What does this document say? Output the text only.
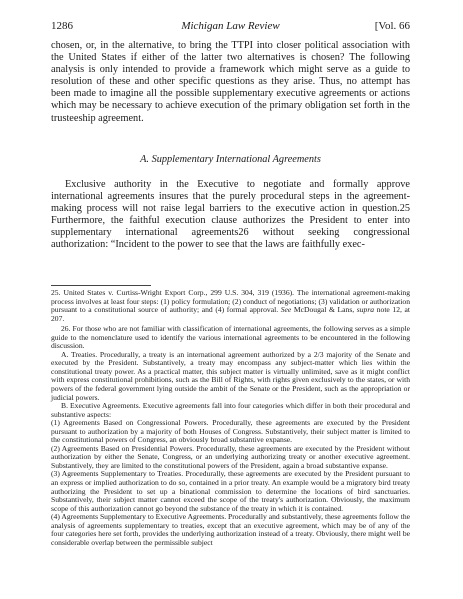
1286	Michigan Law Review	[Vol. 66

chosen, or, in the alternative, to bring the TTPI into closer political association with the United States if either of the latter two alternatives is chosen? The following analysis is only intended to provide a framework which might serve as a guide to resolution of these and other specific questions as they arise. Thus, no attempt has been made to imagine all the possible supplementary executive agreements or actions which may be necessary to achieve execution of the primary obligation set forth in the trusteeship agreement.

A. Supplementary International Agreements

Exclusive authority in the Executive to negotiate and formally approve international agreements insures that the purely procedural steps in the agreement-making process will not raise legal barriers to the executive action in question.25 Furthermore, the faithful execution clause authorizes the President to enter into supplementary international agreements26 without seeking congressional authorization: “Incident to the power to see that the laws are faithfully exec-

25. United States v. Curtiss-Wright Export Corp., 299 U.S. 304, 319 (1936). The international agreement-making process involves at least four steps: (1) policy formulation; (2) conduct of negotiations; (3) validation or authorization pursuant to a constitutional source of authority; and (4) formal approval. See McDougal & Lans, supra note 12, at 207.

26. For those who are not familiar with classification of international agreements, the following serves as a simple guide to the nomenclature used to identify the various international agreements to be encountered in the following discussion.

A. Treaties. Procedurally, a treaty is an international agreement authorized by a 2/3 majority of the Senate and executed by the President. Substantively, a treaty may encompass any subject-matter which lies within the constitutional treaty power. As a practical matter, this subject matter is virtually unlimited, save as it might conflict with express constitutional prohibitions, such as the Bill of Rights, with rights given exclusively to the states, or with powers of the federal government lying outside the ambit of the Senate or the President, such as the appropriation or judicial powers.

B. Executive Agreements. Executive agreements fall into four categories which differ in both their procedural and substantive aspects:

(1) Agreements Based on Congressional Powers. Procedurally, these agreements are executed by the President pursuant to authorization by a majority of both Houses of Congress. Substantively, their subject matter is limited to the constitutional powers of Congress, an obviously broad substantive expanse.

(2) Agreements Based on Presidential Powers. Procedurally, these agreements are executed by the President without authorization by either the Senate, Congress, or an underlying authorizing treaty or another executive agreement. Substantively, they are limited to the constitutional powers of the President, again a broad substantive expanse.

(3) Agreements Supplementary to Treaties. Procedurally, these agreements are executed by the President pursuant to an express or implied authorization to do so, contained in a prior treaty. An example would be a migratory bird treaty authorizing the President to set up a binational commission to determine the locations of bird sanctuaries. Substantively, their subject matter cannot exceed the scope of the treaty's authorization. Obviously, the maximum scope of this authorization cannot go beyond the substance of the treaty in which it is contained.

(4) Agreements Supplementary to Executive Agreements. Procedurally and substantively, these agreements follow the analysis of agreements supplementary to treaties, except that an executive agreement, which may be of any of the four categories here set forth, provides the underlying authorization instead of a treaty. Obviously, there might well be considerable overlap between the permissible subject
